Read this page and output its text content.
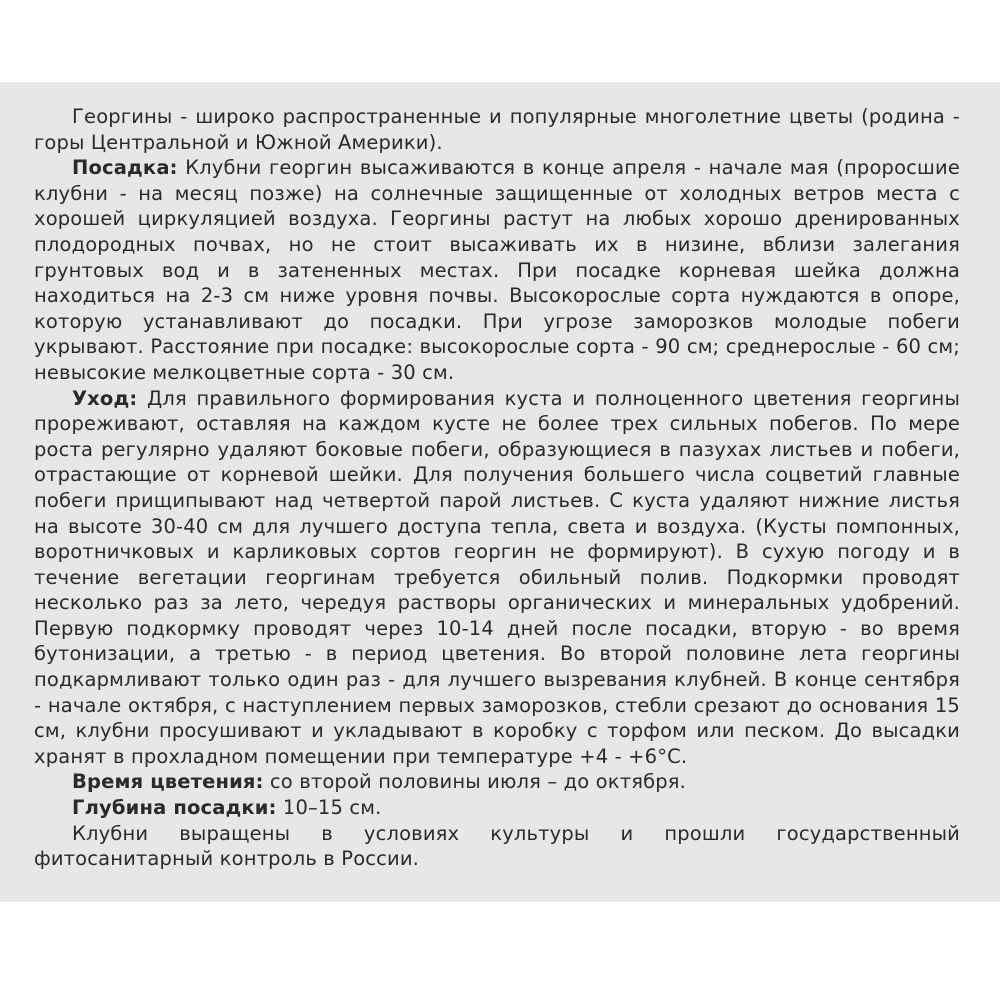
Георгины - широко распространенные и популярные многолетние цветы (родина - горы Центральной и Южной Америки).

Посадка: Клубни георгин высаживаются в конце апреля - начале мая (проросшие клубни - на месяц позже) на солнечные защищенные от холодных ветров места с хорошей циркуляцией воздуха. Георгины растут на любых хорошо дренированных плодородных почвах, но не стоит высаживать их в низине, вблизи залегания грунтовых вод и в затененных местах. При посадке корневая шейка должна находиться на 2-3 см ниже уровня почвы. Высокорослые сорта нуждаются в опоре, которую устанавливают до посадки. При угрозе заморозков молодые побеги укрывают. Расстояние при посадке: высокорослые сорта - 90 см; среднерослые - 60 см; невысокие мелкоцветные сорта - 30 см.

Уход: Для правильного формирования куста и полноценного цветения георгины прореживают, оставляя на каждом кусте не более трех сильных побегов. По мере роста регулярно удаляют боковые побеги, образующиеся в пазухах листьев и побеги, отрастающие от корневой шейки. Для получения большего числа соцветий главные побеги прищипывают над четвертой парой листьев. С куста удаляют нижние листья на высоте 30-40 см для лучшего доступа тепла, света и воздуха. (Кусты помпонных, воротничковых и карликовых сортов георгин не формируют). В сухую погоду и в течение вегетации георгинам требуется обильный полив. Подкормки проводят несколько раз за лето, чередуя растворы органических и минеральных удобрений. Первую подкормку проводят через 10-14 дней после посадки, вторую - во время бутонизации, а третью - в период цветения. Во второй половине лета георгины подкармливают только один раз - для лучшего вызревания клубней. В конце сентября - начале октября, с наступлением первых заморозков, стебли срезают до основания 15 см, клубни просушивают и укладывают в коробку с торфом или песком. До высадки хранят в прохладном помещении при температуре +4 - +6°С.

Время цветения: со второй половины июля – до октября.

Глубина посадки: 10–15 см.

Клубни выращены в условиях культуры и прошли государственный фитосанитарный контроль в России.
